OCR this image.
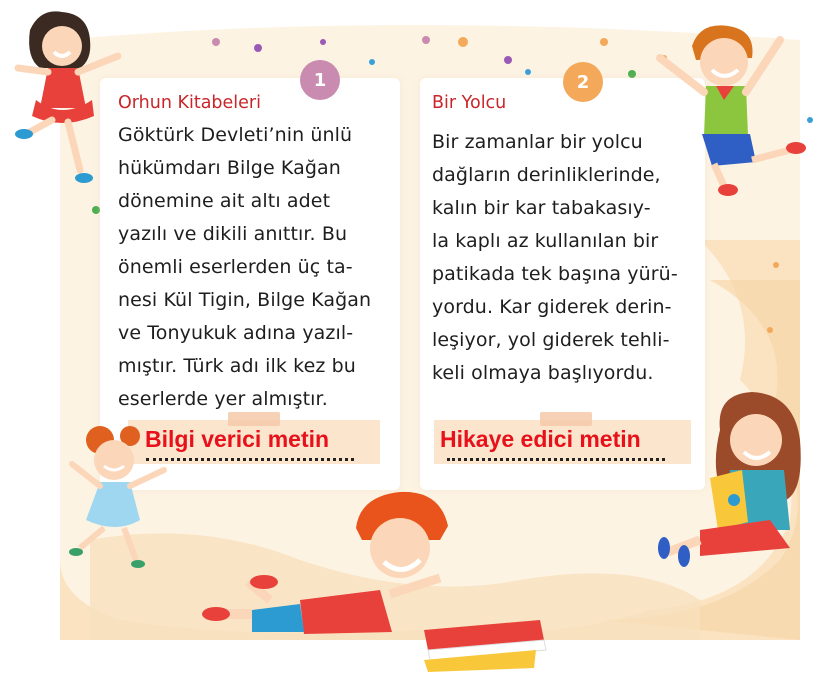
1
Orhun Kitabeleri
Göktürk Devleti’nin ünlü
hükümdarı Bilge Kağan
dönemine ait altı adet
yazılı ve dikili anıttır. Bu
önemli eserlerden üç ta-
nesi Kül Tigin, Bilge Kağan
ve Tonyukuk adına yazıl-
mıştır. Türk adı ilk kez bu
eserlerde yer almıştır.
Bilgi verici metin
2
Bir Yolcu
Bir zamanlar bir yolcu
dağların derinliklerinde,
kalın bir kar tabakasıy-
la kaplı az kullanılan bir
patikada tek başına yürü-
yordu. Kar giderek derin-
leşiyor, yol giderek tehli-
keli olmaya başlıyordu.
Hikaye edici metin
